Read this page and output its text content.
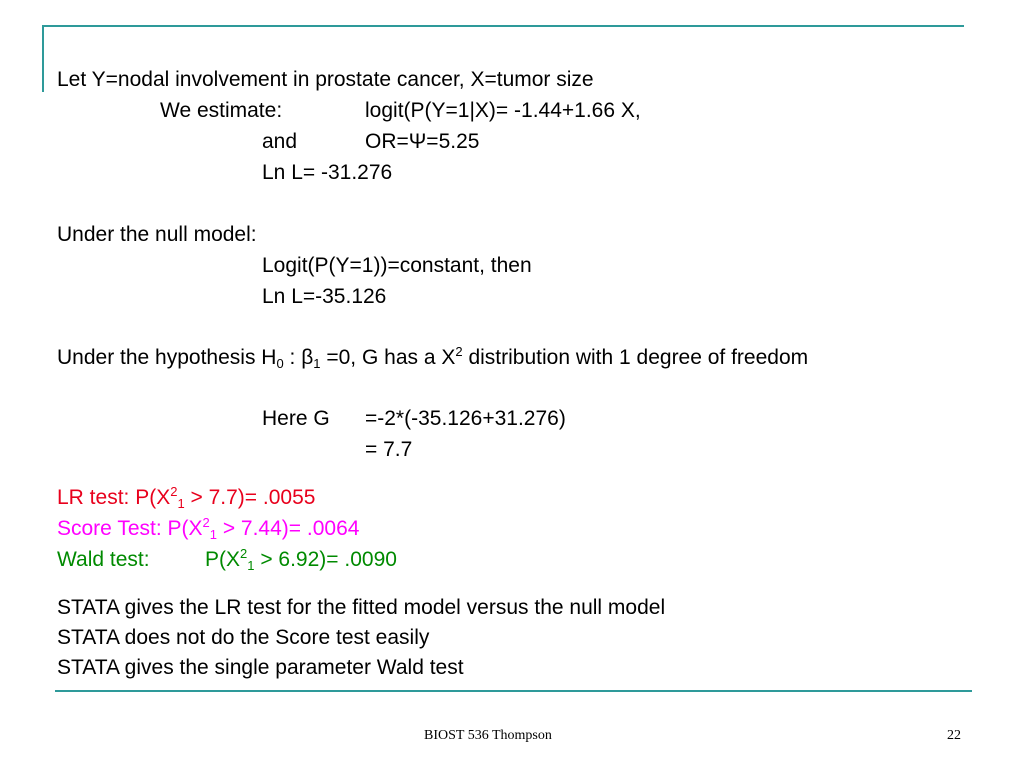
Let Y=nodal involvement in prostate cancer, X=tumor size
We estimate:	logit(P(Y=1|X)= -1.44+1.66 X,
and	OR=Ψ=5.25
Ln L= -31.276
Under the null model:
Logit(P(Y=1))=constant, then
Ln L=-35.126
Under the hypothesis $H_0$ : $\beta_1 =0$, G has a $X^2$ distribution with 1 degree of freedom
Here G =-2*(-35.126+31.276)
= 7.7
LR test: $P(X^2_1 > 7.7)= .0055$
Score Test: $P(X^2_1 > 7.44)= .0064$
Wald test:	$P(X^2_1 > 6.92)= .0090$
STATA gives the LR test for the fitted model versus the null model
STATA does not do the Score test easily
STATA gives the single parameter Wald test
BIOST 536 Thompson	22
